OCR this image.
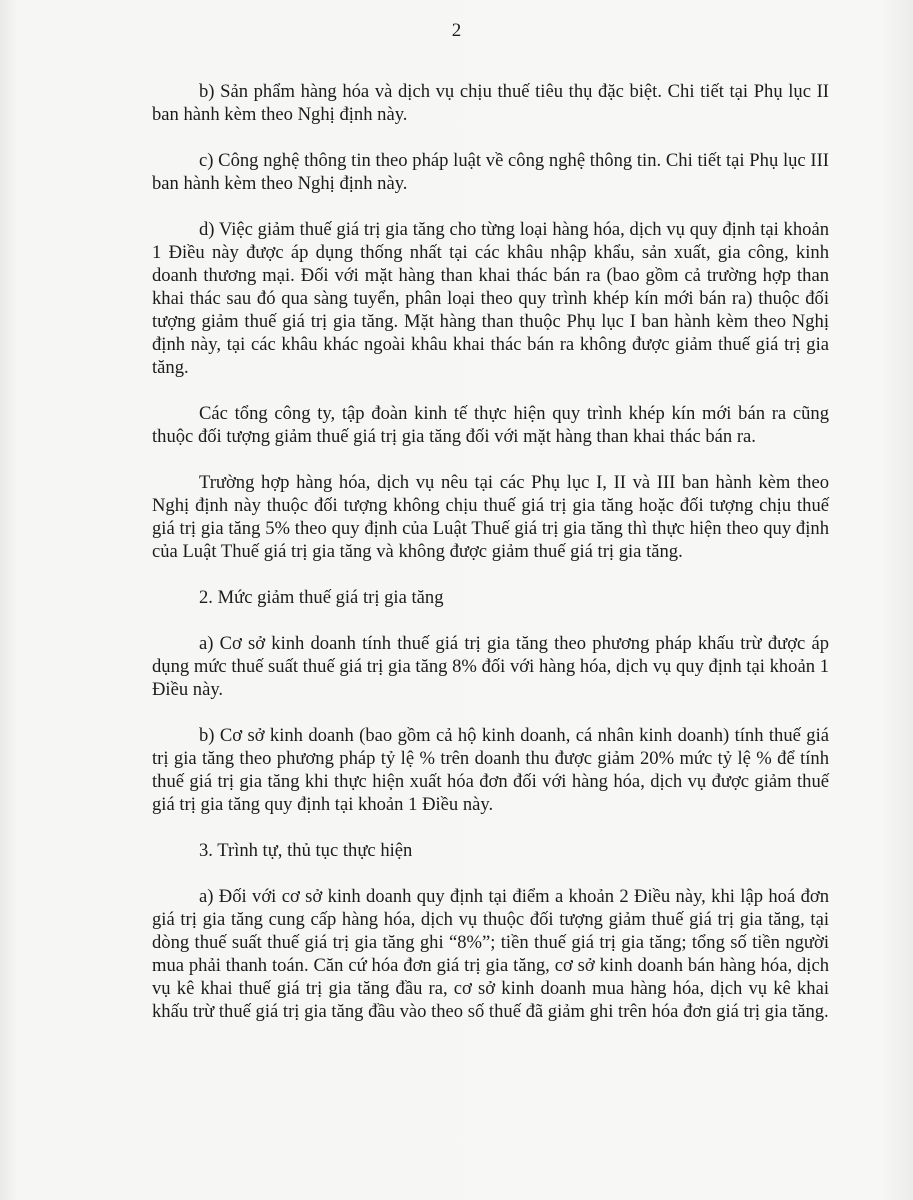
2

b) Sản phẩm hàng hóa và dịch vụ chịu thuế tiêu thụ đặc biệt. Chi tiết tại Phụ lục II ban hành kèm theo Nghị định này.

c) Công nghệ thông tin theo pháp luật về công nghệ thông tin. Chi tiết tại Phụ lục III ban hành kèm theo Nghị định này.

d) Việc giảm thuế giá trị gia tăng cho từng loại hàng hóa, dịch vụ quy định tại khoản 1 Điều này được áp dụng thống nhất tại các khâu nhập khẩu, sản xuất, gia công, kinh doanh thương mại. Đối với mặt hàng than khai thác bán ra (bao gồm cả trường hợp than khai thác sau đó qua sàng tuyển, phân loại theo quy trình khép kín mới bán ra) thuộc đối tượng giảm thuế giá trị gia tăng. Mặt hàng than thuộc Phụ lục I ban hành kèm theo Nghị định này, tại các khâu khác ngoài khâu khai thác bán ra không được giảm thuế giá trị gia tăng.

Các tổng công ty, tập đoàn kinh tế thực hiện quy trình khép kín mới bán ra cũng thuộc đối tượng giảm thuế giá trị gia tăng đối với mặt hàng than khai thác bán ra.

Trường hợp hàng hóa, dịch vụ nêu tại các Phụ lục I, II và III ban hành kèm theo Nghị định này thuộc đối tượng không chịu thuế giá trị gia tăng hoặc đối tượng chịu thuế giá trị gia tăng 5% theo quy định của Luật Thuế giá trị gia tăng thì thực hiện theo quy định của Luật Thuế giá trị gia tăng và không được giảm thuế giá trị gia tăng.

2. Mức giảm thuế giá trị gia tăng

a) Cơ sở kinh doanh tính thuế giá trị gia tăng theo phương pháp khấu trừ được áp dụng mức thuế suất thuế giá trị gia tăng 8% đối với hàng hóa, dịch vụ quy định tại khoản 1 Điều này.

b) Cơ sở kinh doanh (bao gồm cả hộ kinh doanh, cá nhân kinh doanh) tính thuế giá trị gia tăng theo phương pháp tỷ lệ % trên doanh thu được giảm 20% mức tỷ lệ % để tính thuế giá trị gia tăng khi thực hiện xuất hóa đơn đối với hàng hóa, dịch vụ được giảm thuế giá trị gia tăng quy định tại khoản 1 Điều này.

3. Trình tự, thủ tục thực hiện

a) Đối với cơ sở kinh doanh quy định tại điểm a khoản 2 Điều này, khi lập hoá đơn giá trị gia tăng cung cấp hàng hóa, dịch vụ thuộc đối tượng giảm thuế giá trị gia tăng, tại dòng thuế suất thuế giá trị gia tăng ghi “8%”; tiền thuế giá trị gia tăng; tổng số tiền người mua phải thanh toán. Căn cứ hóa đơn giá trị gia tăng, cơ sở kinh doanh bán hàng hóa, dịch vụ kê khai thuế giá trị gia tăng đầu ra, cơ sở kinh doanh mua hàng hóa, dịch vụ kê khai khấu trừ thuế giá trị gia tăng đầu vào theo số thuế đã giảm ghi trên hóa đơn giá trị gia tăng.
